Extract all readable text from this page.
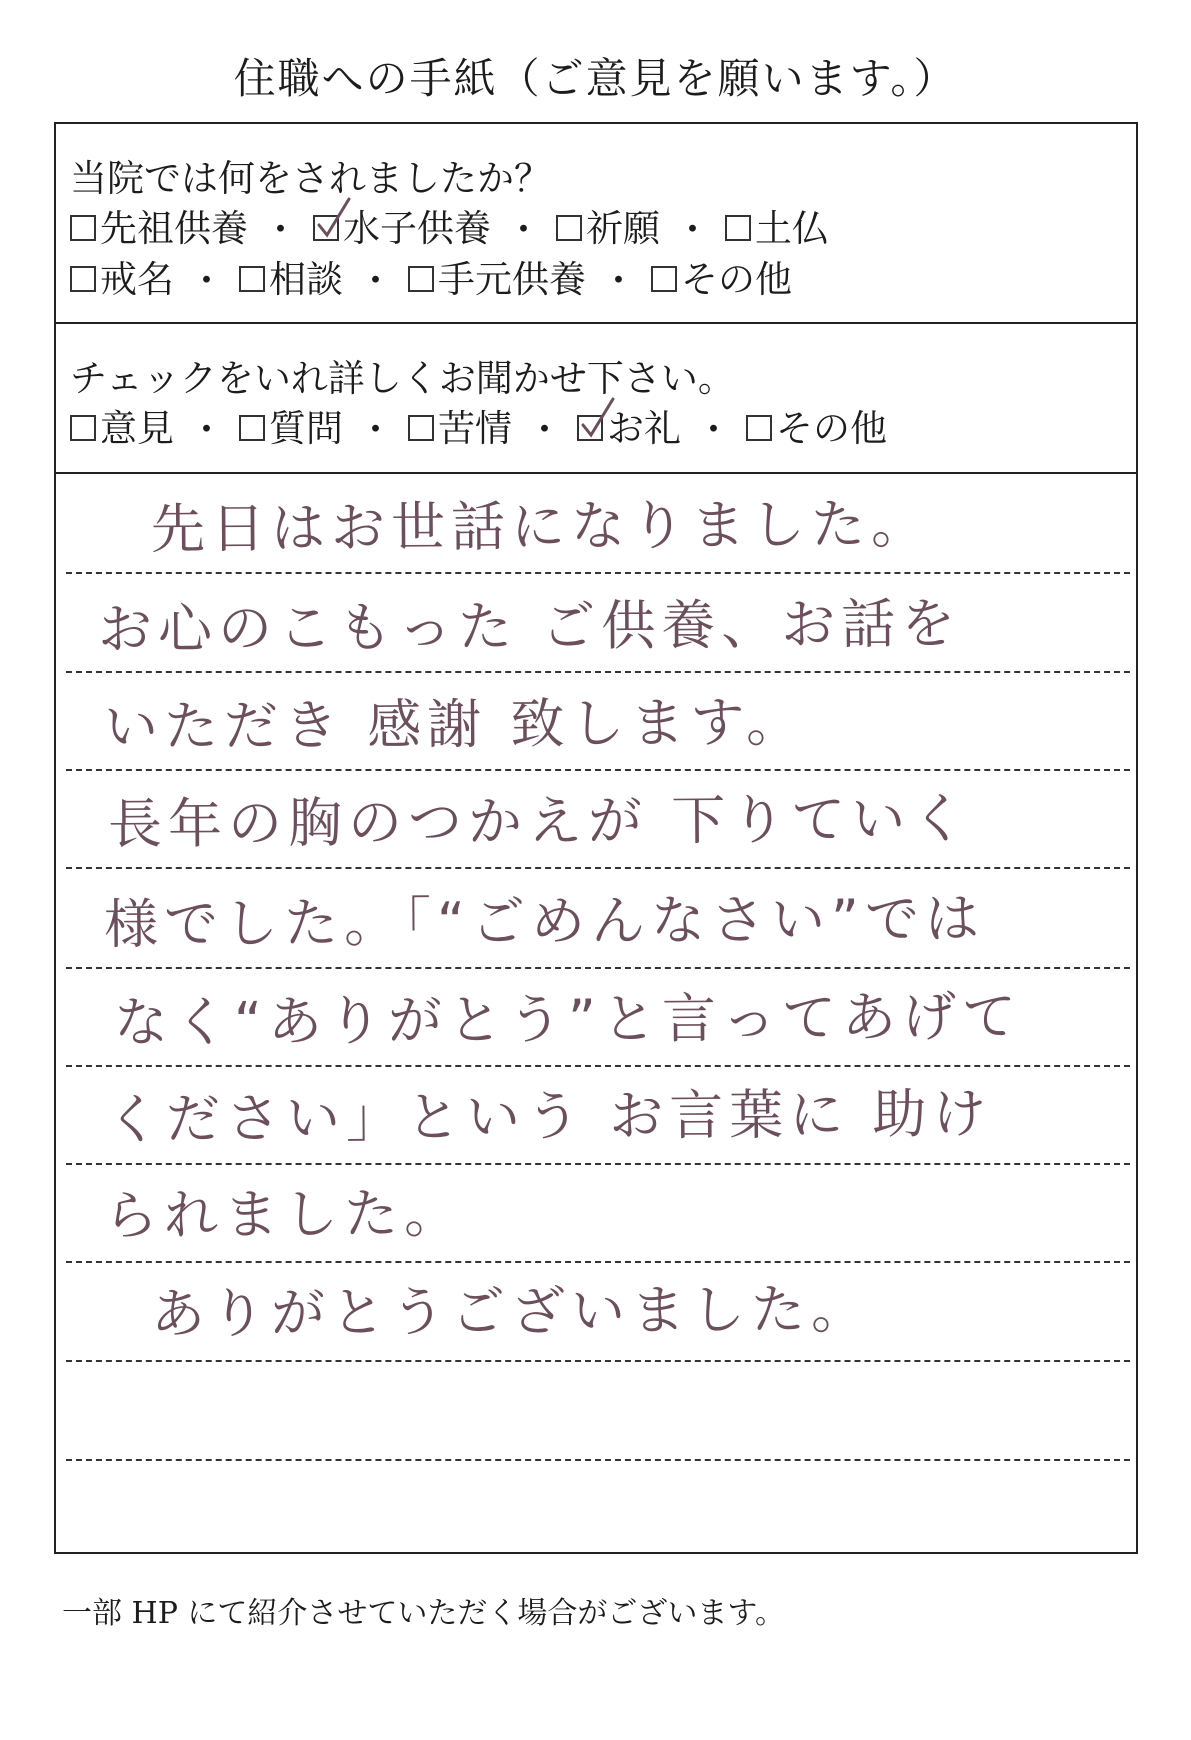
住職への手紙（ご意見を願います。）
当院では何をされましたか？
先祖供養 ・ 水子供養 ・ 祈願 ・ 土仏
戒名 ・ 相談 ・ 手元供養 ・ その他
チェックをいれ詳しくお聞かせ下さい。
意見 ・ 質問 ・ 苦情 ・ お礼 ・ その他
先日はお世話になりました。
お心のこもった ご供養、お話を
いただき 感謝 致します。
長年の胸のつかえが 下りていく
様でした。「“ごめんなさい”では
なく“ありがとう”と言ってあげて
ください」という お言葉に 助け
られました。
ありがとうございました。
一部 HP にて紹介させていただく場合がございます。
